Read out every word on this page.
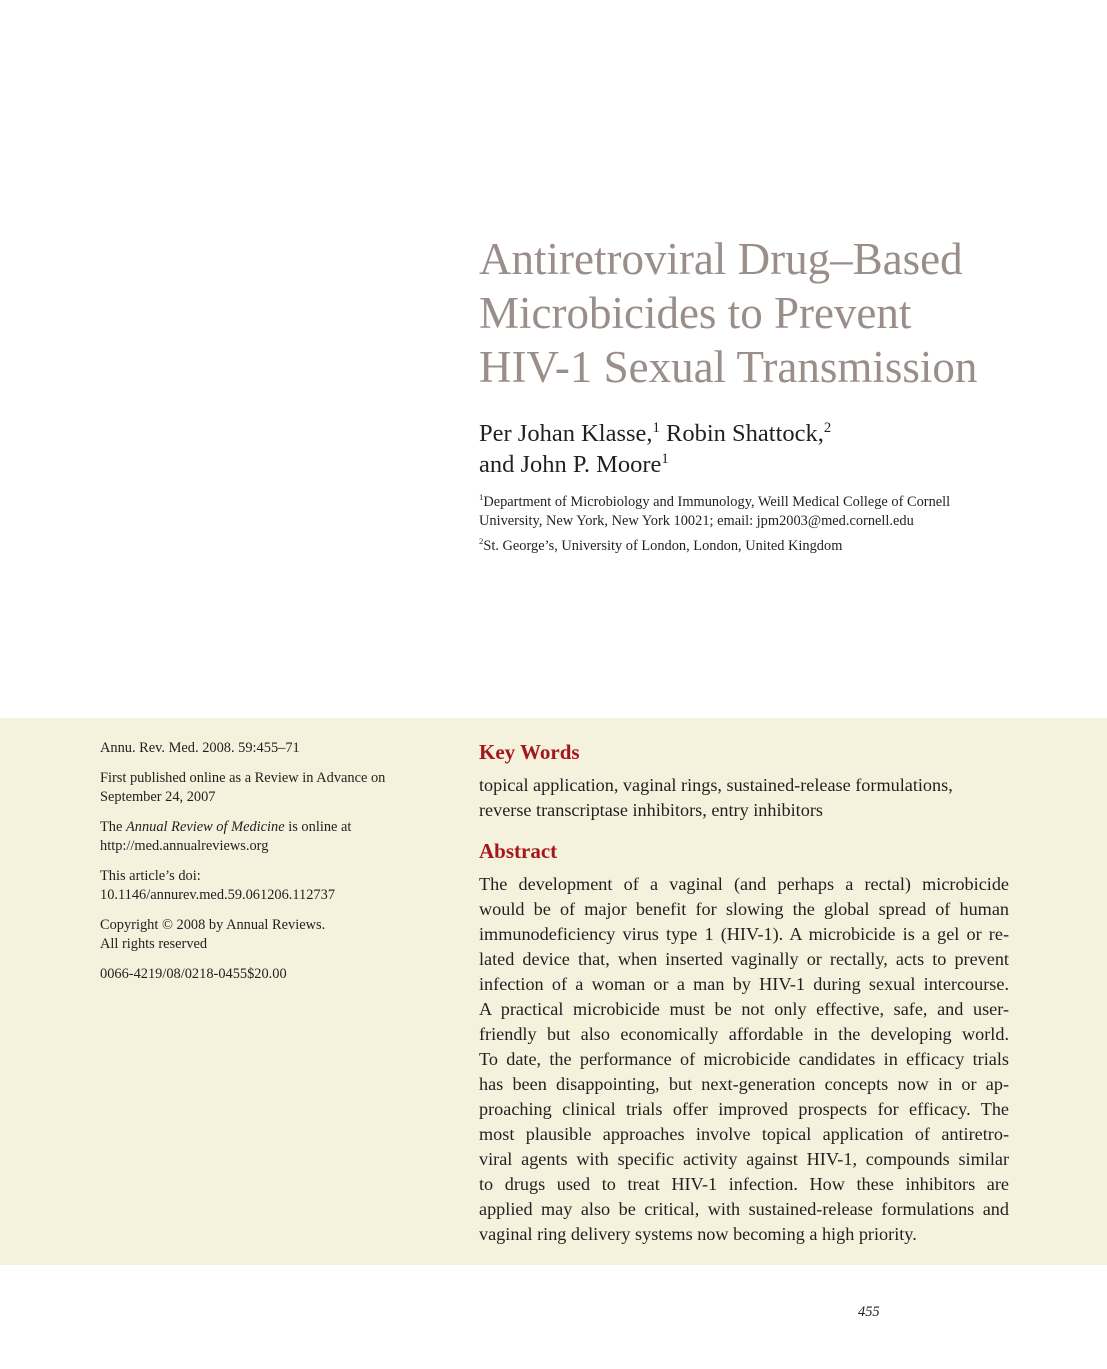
Antiretroviral Drug–Based
Microbicides to Prevent
HIV-1 Sexual Transmission
Per Johan Klasse,$^1$ Robin Shattock,$^2$
and John P. Moore$^1$
$^1$Department of Microbiology and Immunology, Weill Medical College of Cornell
University, New York, New York 10021; email: jpm2003@med.cornell.edu
$^2$St. George’s, University of London, London, United Kingdom

Annu. Rev. Med. 2008. 59:455–71

First published online as a Review in Advance on
September 24, 2007

The Annual Review of Medicine is online at
http://med.annualreviews.org

This article’s doi:
10.1146/annurev.med.59.061206.112737

Copyright © 2008 by Annual Reviews.
All rights reserved

0066-4219/08/0218-0455$20.00

Key Words
topical application, vaginal rings, sustained-release formulations,
reverse transcriptase inhibitors, entry inhibitors
Abstract
The development of a vaginal (and perhaps a rectal) microbicide
would be of major benefit for slowing the global spread of human
immunodeficiency virus type 1 (HIV-1). A microbicide is a gel or re-
lated device that, when inserted vaginally or rectally, acts to prevent
infection of a woman or a man by HIV-1 during sexual intercourse.
A practical microbicide must be not only effective, safe, and user-
friendly but also economically affordable in the developing world.
To date, the performance of microbicide candidates in efficacy trials
has been disappointing, but next-generation concepts now in or ap-
proaching clinical trials offer improved prospects for efficacy. The
most plausible approaches involve topical application of antiretro-
viral agents with specific activity against HIV-1, compounds similar
to drugs used to treat HIV-1 infection. How these inhibitors are
applied may also be critical, with sustained-release formulations and
vaginal ring delivery systems now becoming a high priority.
455
